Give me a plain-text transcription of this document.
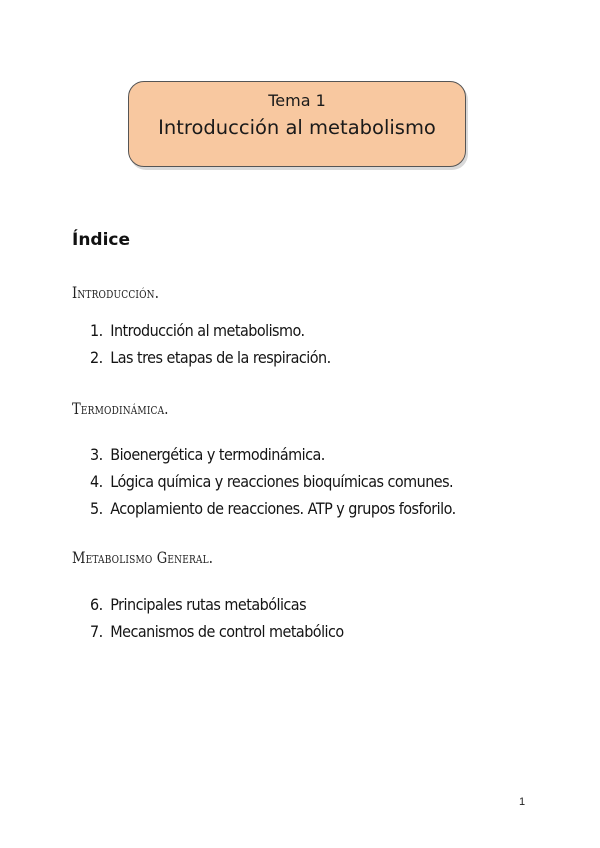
Tema 1
Introducción al metabolismo
Índice
Introducción.
1. Introducción al metabolismo.
2. Las tres etapas de la respiración.
Termodinámica.
3. Bioenergética y termodinámica.
4. Lógica química y reacciones bioquímicas comunes.
5. Acoplamiento de reacciones. ATP y grupos fosforilo.
Metabolismo General.
6. Principales rutas metabólicas
7. Mecanismos de control metabólico
1
